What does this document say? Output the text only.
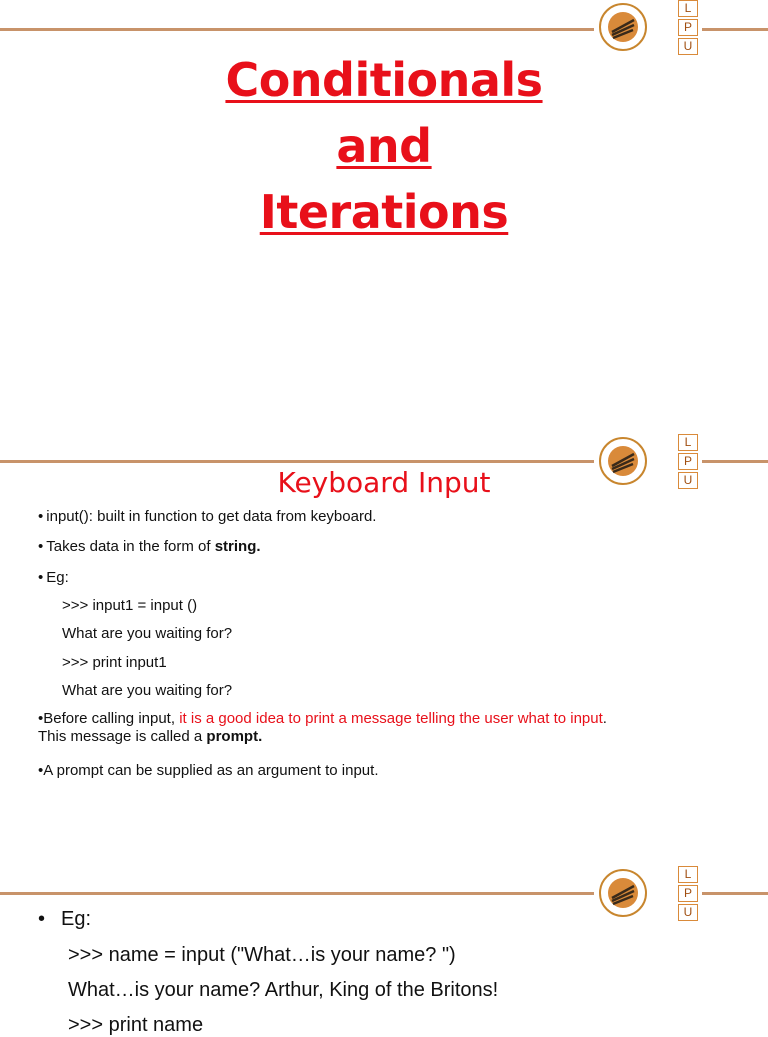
L
P
U
Conditionals
and
Iterations
L
P
U
Keyboard Input
• input(): built in function to get data from keyboard.
• Takes data in the form of string.
• Eg:
>>> input1 = input ()
What are you waiting for?
>>> print input1
What are you waiting for?
•Before calling input, it is a good idea to print a message telling the user what to input.
This message is called a prompt.
•A prompt can be supplied as an argument to input.
L
P
U
• Eg:
>>> name = input ("What…is your name? ")
What…is your name? Arthur, King of the Britons!
>>> print name
